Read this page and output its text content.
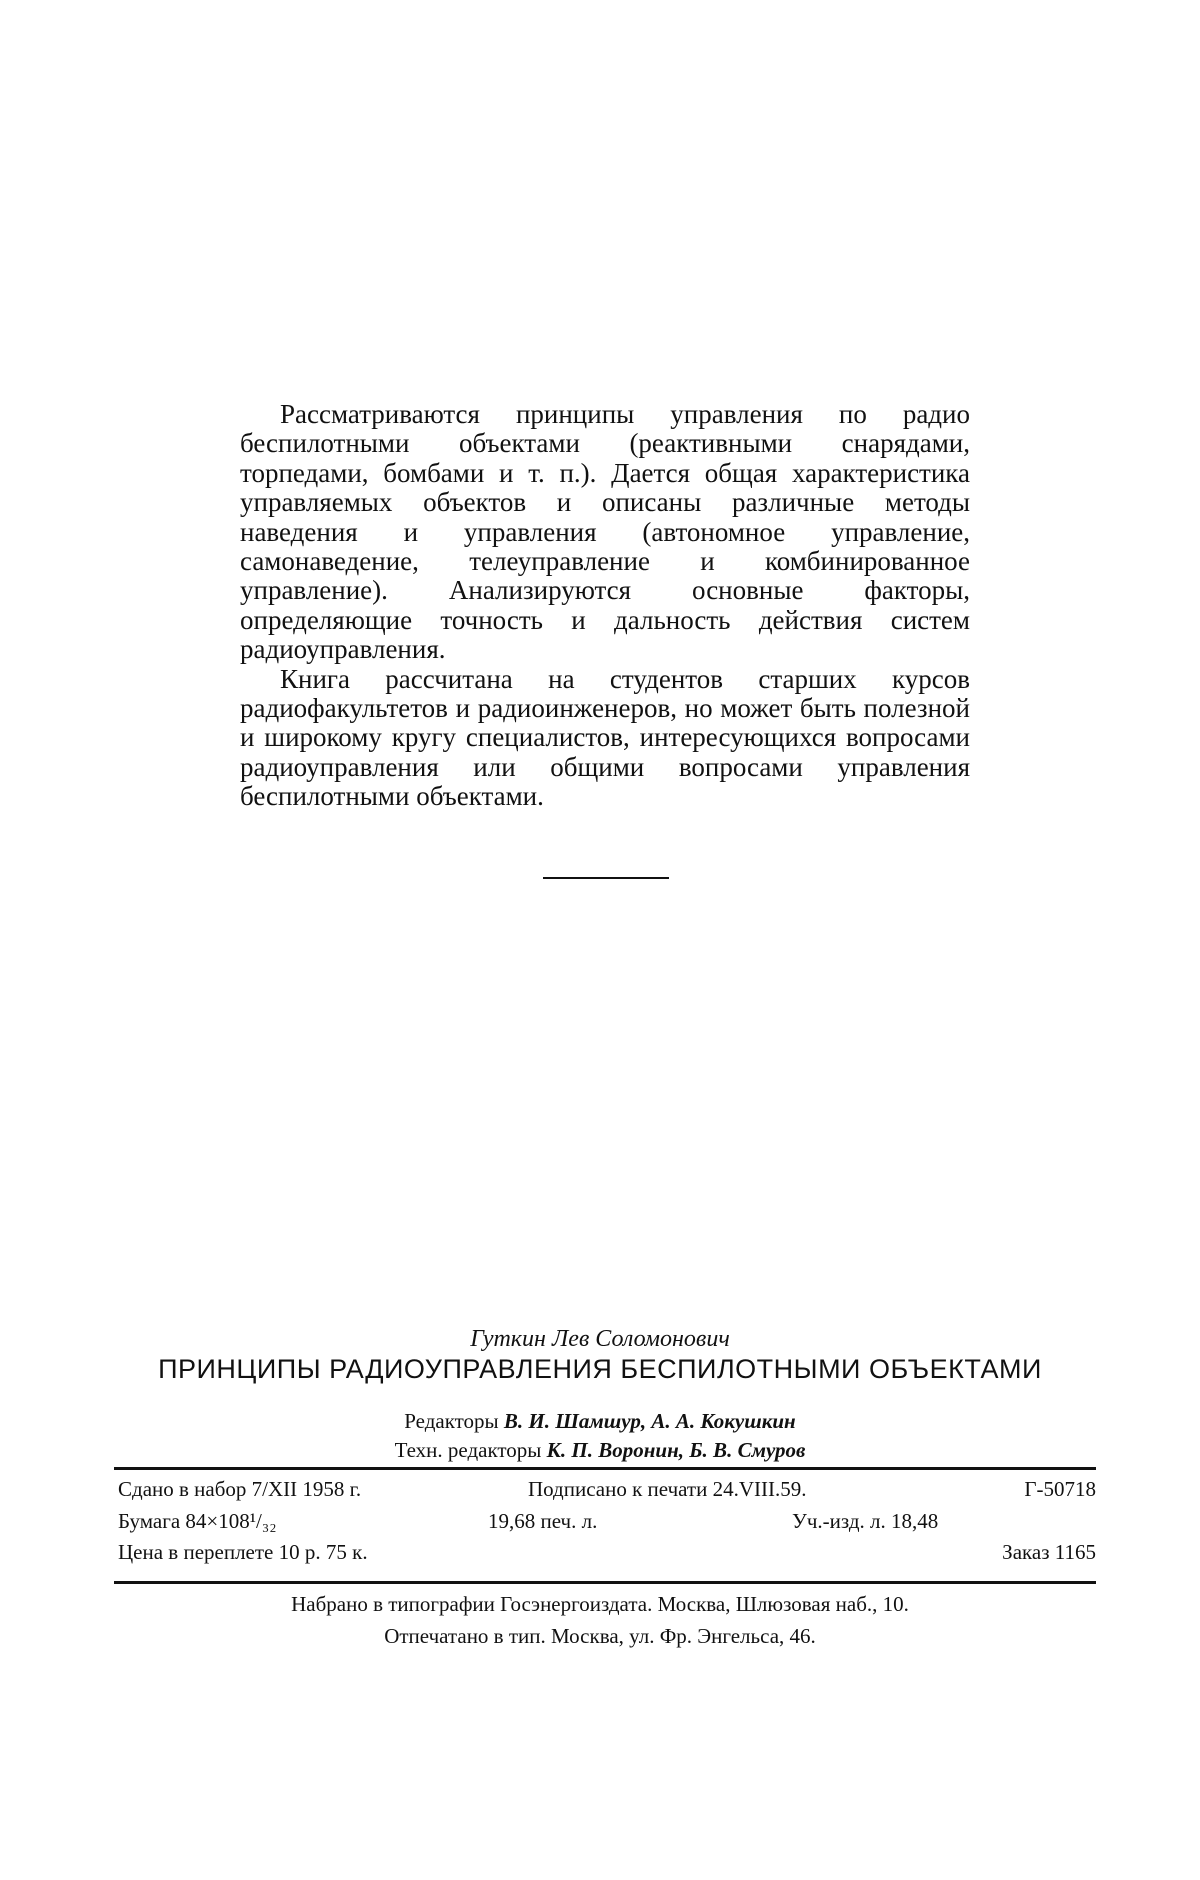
Рассматриваются принципы управления по радио беспилотными объектами (реактивными снарядами, торпедами, бомбами и т. п.). Дается общая характеристика управляемых объектов и описаны различные методы наведения и управления (автономное управление, самонаведение, телеуправление и комбинированное управление). Анализируются основные факторы, определяющие точность и дальность действия систем радиоуправления.

Книга рассчитана на студентов старших курсов радиофакультетов и радиоинженеров, но может быть полезной и широкому кругу специалистов, интересующихся вопросами радиоуправления или общими вопросами управления беспилотными объектами.

Гуткин Лев Соломонович
ПРИНЦИПЫ РАДИОУПРАВЛЕНИЯ БЕСПИЛОТНЫМИ ОБЪЕКТАМИ
Редакторы В. И. Шамшур, А. А. Кокушкин
Техн. редакторы К. П. Воронин, Б. В. Смуров
Сдано в набор 7/XII 1958 г.	Подписано к печати 24.VIII.59.	Г-50718
Бумага 84×108¹/₃₂	19,68 печ. л.	Уч.-изд. л. 18,48
Цена в переплете 10 р. 75 к.	Заказ 1165
Набрано в типографии Госэнергоиздата. Москва, Шлюзовая наб., 10.
Отпечатано в тип. Москва, ул. Фр. Энгельса, 46.
